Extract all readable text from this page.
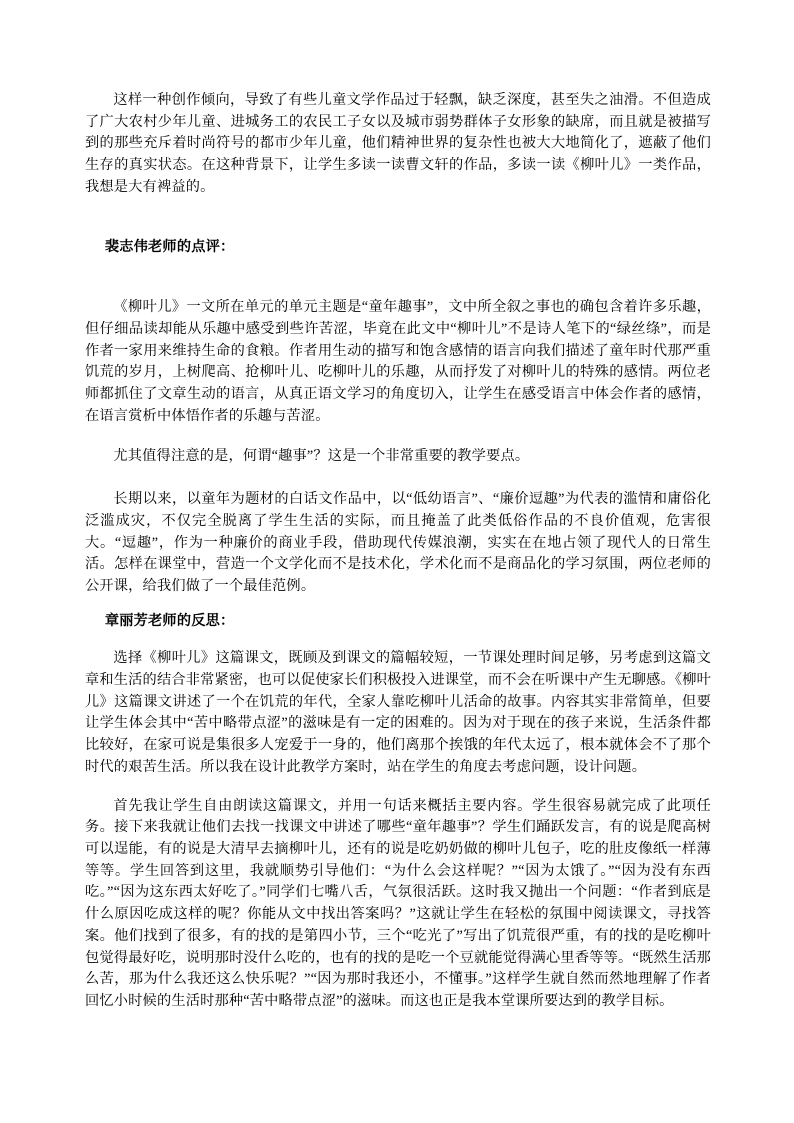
这样一种创作倾向，导致了有些儿童文学作品过于轻飘，缺乏深度，甚至失之油滑。不但造成了广大农村少年儿童、进城务工的农民工子女以及城市弱势群体子女形象的缺席，而且就是被描写到的那些充斥着时尚符号的都市少年儿童，他们精神世界的复杂性也被大大地简化了，遮蔽了他们生存的真实状态。在这种背景下，让学生多读一读曹文轩的作品，多读一读《柳叶儿》一类作品，我想是大有裨益的。

裴志伟老师的点评：

《柳叶儿》一文所在单元的单元主题是“童年趣事”，文中所全叙之事也的确包含着许多乐趣，但仔细品读却能从乐趣中感受到些许苦涩，毕竟在此文中“柳叶儿”不是诗人笔下的“绿丝绦”，而是作者一家用来维持生命的食粮。作者用生动的描写和饱含感情的语言向我们描述了童年时代那严重饥荒的岁月，上树爬高、抢柳叶儿、吃柳叶儿的乐趣，从而抒发了对柳叶儿的特殊的感情。两位老师都抓住了文章生动的语言，从真正语文学习的角度切入，让学生在感受语言中体会作者的感情，在语言赏析中体悟作者的乐趣与苦涩。

尤其值得注意的是，何谓“趣事”？这是一个非常重要的教学要点。

长期以来，以童年为题材的白话文作品中，以“低幼语言”、“廉价逗趣”为代表的滥情和庸俗化泛滥成灾，不仅完全脱离了学生生活的实际，而且掩盖了此类低俗作品的不良价值观，危害很大。“逗趣”，作为一种廉价的商业手段，借助现代传媒浪潮，实实在在地占领了现代人的日常生活。怎样在课堂中，营造一个文学化而不是技术化，学术化而不是商品化的学习氛围，两位老师的公开课，给我们做了一个最佳范例。

章丽芳老师的反思：

选择《柳叶儿》这篇课文，既顾及到课文的篇幅较短，一节课处理时间足够，另考虑到这篇文章和生活的结合非常紧密，也可以促使家长们积极投入进课堂，而不会在听课中产生无聊感。《柳叶儿》这篇课文讲述了一个在饥荒的年代，全家人靠吃柳叶儿活命的故事。内容其实非常简单，但要让学生体会其中“苦中略带点涩”的滋味是有一定的困难的。因为对于现在的孩子来说，生活条件都比较好，在家可说是集很多人宠爱于一身的，他们离那个挨饿的年代太远了，根本就体会不了那个时代的艰苦生活。所以我在设计此教学方案时，站在学生的角度去考虑问题，设计问题。

首先我让学生自由朗读这篇课文，并用一句话来概括主要内容。学生很容易就完成了此项任务。接下来我就让他们去找一找课文中讲述了哪些“童年趣事”？学生们踊跃发言，有的说是爬高树可以逞能，有的说是大清早去摘柳叶儿，还有的说是吃奶奶做的柳叶儿包子，吃的肚皮像纸一样薄等等。学生回答到这里，我就顺势引导他们：“为什么会这样呢？”“因为太饿了。”“因为没有东西吃。”“因为这东西太好吃了。”同学们七嘴八舌，气氛很活跃。这时我又抛出一个问题：“作者到底是什么原因吃成这样的呢？你能从文中找出答案吗？”这就让学生在轻松的氛围中阅读课文，寻找答案。他们找到了很多，有的找的是第四小节，三个“吃光了”写出了饥荒很严重，有的找的是吃柳叶包觉得最好吃，说明那时没什么吃的，也有的找的是吃一个豆就能觉得满心里香等等。“既然生活那么苦，那为什么我还这么快乐呢？”“因为那时我还小，不懂事。”这样学生就自然而然地理解了作者回忆小时候的生活时那种“苦中略带点涩”的滋味。而这也正是我本堂课所要达到的教学目标。
